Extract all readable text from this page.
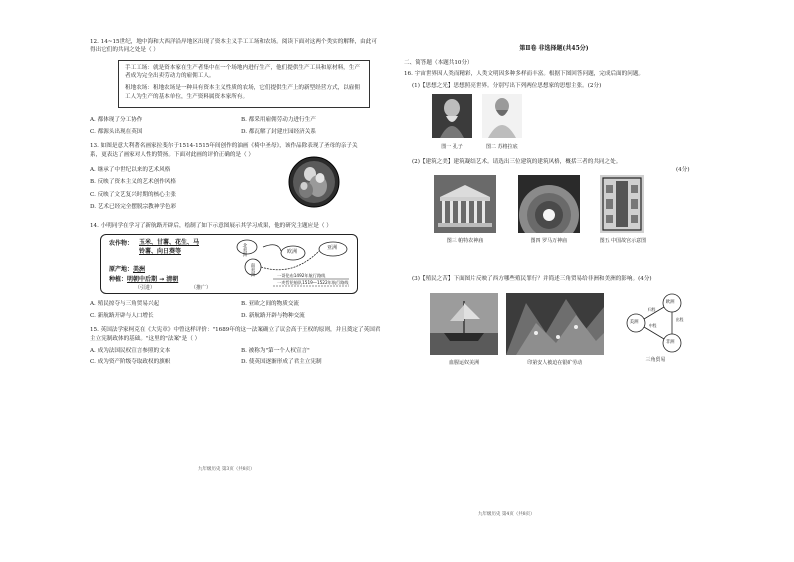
12. 14~15世纪，地中海和大西洋沿岸地区出现了资本主义手工工场和农场。阅读下面对这两个类实的解释，由此可得出它们的共同之处是（ ）

手工工场：就是资本家在生产者集中在一个场地内进行生产，他们提供生产工具和原材料，生产者成为完全出卖劳动力的雇佣工人。

租地农场：租地农场是一种具有资本主义性质的农场，它们提供生产上的新型经营方式，以雇佣工人为生产的基本单位，生产资料属资本家所有。

A. 都体现了分工协作	B. 都采用雇佣劳动力进行生产
C. 都源头出现在英国	D. 都瓦解了封建庄园经济关系

13. 如图是意大利著名画家拉斐尔于1514-1515年间创作的油画《椅中圣母》，该作品除表现了圣母的亲子关系，更表达了画家对人性的赞扬。下面对此画的评价正确的是（ ）

A. 继承了中世纪以来的艺术风格
B. 反映了资本主义的艺术创作风格
C. 反映了文艺复兴时期的核心主张
D. 艺术已经完全摆脱宗教神学色彩

14. 小明同学在学习了新航路开辟后，绘制了如下示意图展示其学习成果，他的研究主题应是（ ）

农作物： 玉米、甘薯、花生、马铃薯、向日葵等
原产地：美洲
种植：明朝中后期 → 清朝
（引进）	（推广）
北美洲
南美洲
欧洲
亚洲
一哥伦布1492年航行路线
一麦哲伦船队1519—1522年航行路线
A. 殖民掠夺与三角贸易兴起	B. 亚欧之间的物质交流
C. 新航路开辟与人口增长	D. 新航路开辟与物种交流

15. 英国法学家柯克在《大宪章》中曾这样评价："1689年的这一法案确立了议会高于王权的原则，并且奠定了英国君主立宪制政体的基础。"这里的"法案"是（ ）

A. 成为法国民权宣言参照的文本	B. 被称为"第一个人权宣言"
C. 成为资产阶级夺取政权的旗帜	D. 使英国逐渐形成了君主立宪制
九年级历史 第3页（共8页）

第Ⅱ卷 非选择题(共45分)

二、简答题（本题共10分）

16. 宇宙世界因人类而精彩，人类文明因多种多样而丰富。根据下图回答问题，完成后面的问题。

(1)【思想之光】思想照亮世界。分别写出下列两位思想家的思想主张。(2分)

图一 孔子
	图二 苏格拉底

(2)【建筑之美】建筑凝结艺术。请选出三位建筑的建筑风格，概括三者的共同之处。

(4分)
图三 帕特农神庙
	图四 罗马万神庙
	图五 中国故宫示意图

(3)【殖民之苦】下面图片反映了西方哪些殖民罪行？并简述三角贸易给非洲和美洲的影响。(4分)

血腥运奴美洲
	印第安人被迫在银矿劳动

欧洲
美洲
非洲
中程
出程
归程
三角贸易
九年级历史 第4页（共8页）
